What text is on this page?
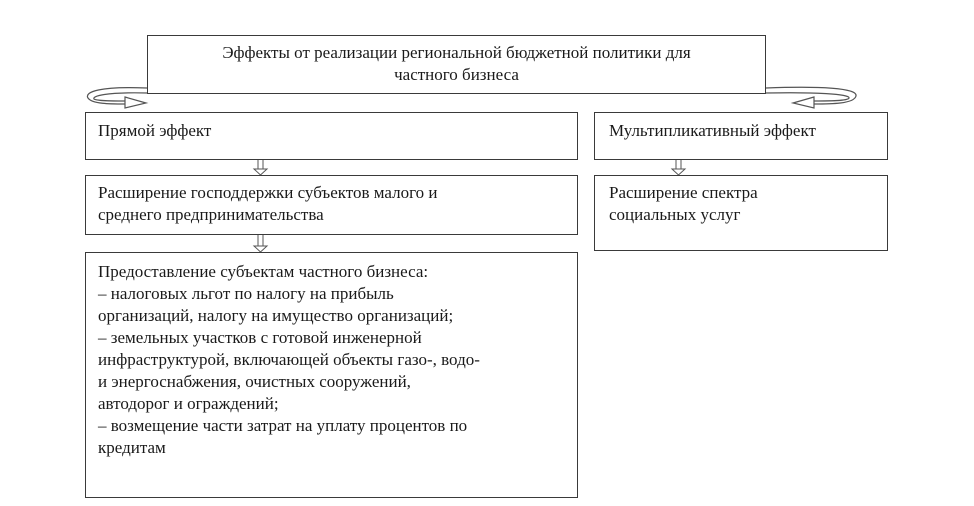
Эффекты от реализации региональной бюджетной политики для
частного бизнеса
Прямой эффект	Мультипликативный эффект
Расширение господдержки субъектов малого и
среднего предпринимательства
Расширение спектра
социальных услуг
Предоставление субъектам частного бизнеса:
– налоговых льгот по налогу на прибыль
организаций, налогу на имущество организаций;
– земельных участков с готовой инженерной
инфраструктурой, включающей объекты газо-, водо-
и энергоснабжения, очистных сооружений,
автодорог и ограждений;
– возмещение части затрат на уплату процентов по
кредитам
